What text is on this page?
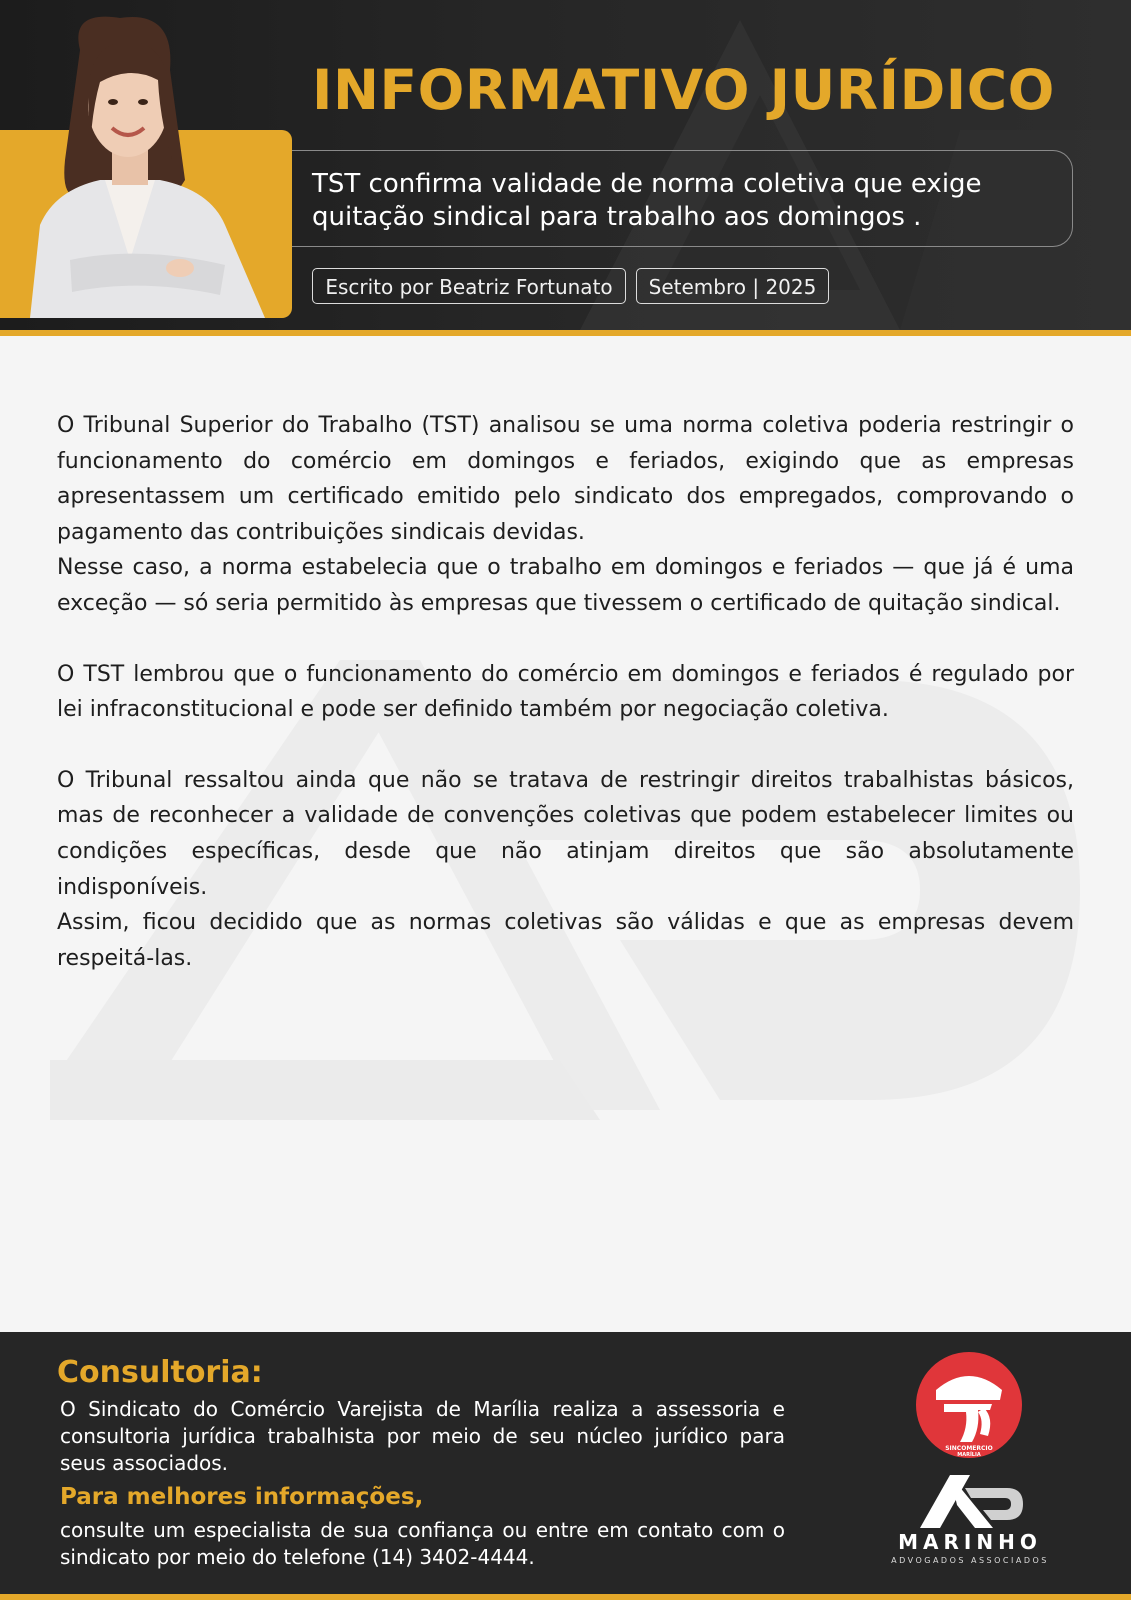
INFORMATIVO JURÍDICO

TST confirma validade de norma coletiva que exige quitação sindical para trabalho aos domingos .

Escrito por Beatriz Fortunato	Setembro | 2025

O Tribunal Superior do Trabalho (TST) analisou se uma norma coletiva poderia restringir o funcionamento do comércio em domingos e feriados, exigindo que as empresas apresentassem um certificado emitido pelo sindicato dos empregados, comprovando o pagamento das contribuições sindicais devidas.

Nesse caso, a norma estabelecia que o trabalho em domingos e feriados — que já é uma exceção — só seria permitido às empresas que tivessem o certificado de quitação sindical.

O TST lembrou que o funcionamento do comércio em domingos e feriados é regulado por lei infraconstitucional e pode ser definido também por negociação coletiva.

O Tribunal ressaltou ainda que não se tratava de restringir direitos trabalhistas básicos, mas de reconhecer a validade de convenções coletivas que podem estabelecer limites ou condições específicas, desde que não atinjam direitos que são absolutamente indisponíveis.

Assim, ficou decidido que as normas coletivas são válidas e que as empresas devem respeitá-las.

Consultoria:

O Sindicato do Comércio Varejista de Marília realiza a assessoria e consultoria jurídica trabalhista por meio de seu núcleo jurídico para seus associados.

Para melhores informações,

consulte um especialista de sua confiança ou entre em contato com o sindicato por meio do telefone (14) 3402-4444.

SINCOMERCIO
MARÍLIA
MARINHO
ADVOGADOS ASSOCIADOS
